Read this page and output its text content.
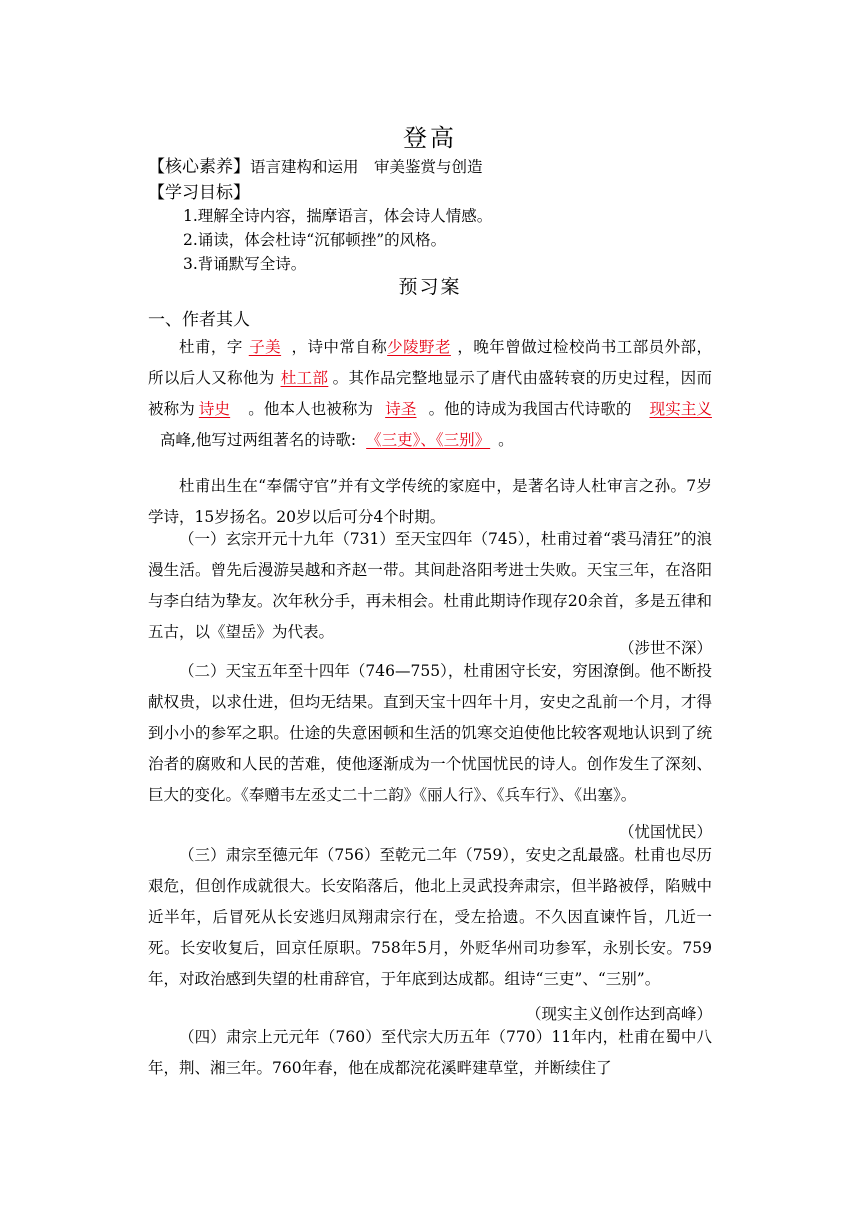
登高
【核心素养】语言建构和运用　审美鉴赏与创造
【学习目标】
1.理解全诗内容，揣摩语言，体会诗人情感。
2.诵读，体会杜诗“沉郁顿挫”的风格。
3.背诵默写全诗。
预习案
一、作者其人

杜甫，字 子美 ，诗中常自称少陵野老 ，晚年曾做过检校尚书工部员外部，所以后人又称他为 杜工部 。其作品完整地显示了唐代由盛转衰的历史过程，因而被称为 诗史 。他本人也被称为 诗圣 。他的诗成为我国古代诗歌的 现实主义高峰,他写过两组著名的诗歌: 《三吏》、《三别》 。

杜甫出生在“奉儒守官”并有文学传统的家庭中，是著名诗人杜审言之孙。7岁学诗，15岁扬名。20岁以后可分4个时期。

（一）玄宗开元十九年（731）至天宝四年（745），杜甫过着“裘马清狂”的浪漫生活。曾先后漫游吴越和齐赵一带。其间赴洛阳考进士失败。天宝三年，在洛阳与李白结为挚友。次年秋分手，再未相会。杜甫此期诗作现存20余首，多是五律和五古，以《望岳》为代表。

（涉世不深）

（二）天宝五年至十四年（746—755），杜甫困守长安，穷困潦倒。他不断投献权贵，以求仕进，但均无结果。直到天宝十四年十月，安史之乱前一个月，才得到小小的参军之职。仕途的失意困顿和生活的饥寒交迫使他比较客观地认识到了统治者的腐败和人民的苦难，使他逐渐成为一个忧国忧民的诗人。创作发生了深刻、巨大的变化。《奉赠韦左丞丈二十二韵》《丽人行》、《兵车行》、《出塞》。

（忧国忧民）

（三）肃宗至德元年（756）至乾元二年（759），安史之乱最盛。杜甫也尽历艰危，但创作成就很大。长安陷落后，他北上灵武投奔肃宗，但半路被俘，陷贼中近半年，后冒死从长安逃归凤翔肃宗行在，受左拾遗。不久因直谏忤旨，几近一死。长安收复后，回京任原职。758年5月，外贬华州司功参军，永别长安。759年，对政治感到失望的杜甫辞官，于年底到达成都。组诗“三吏”、“三别”。

（现实主义创作达到高峰）

（四）肃宗上元元年（760）至代宗大历五年（770）11年内，杜甫在蜀中八年，荆、湘三年。760年春，他在成都浣花溪畔建草堂，并断续住了
